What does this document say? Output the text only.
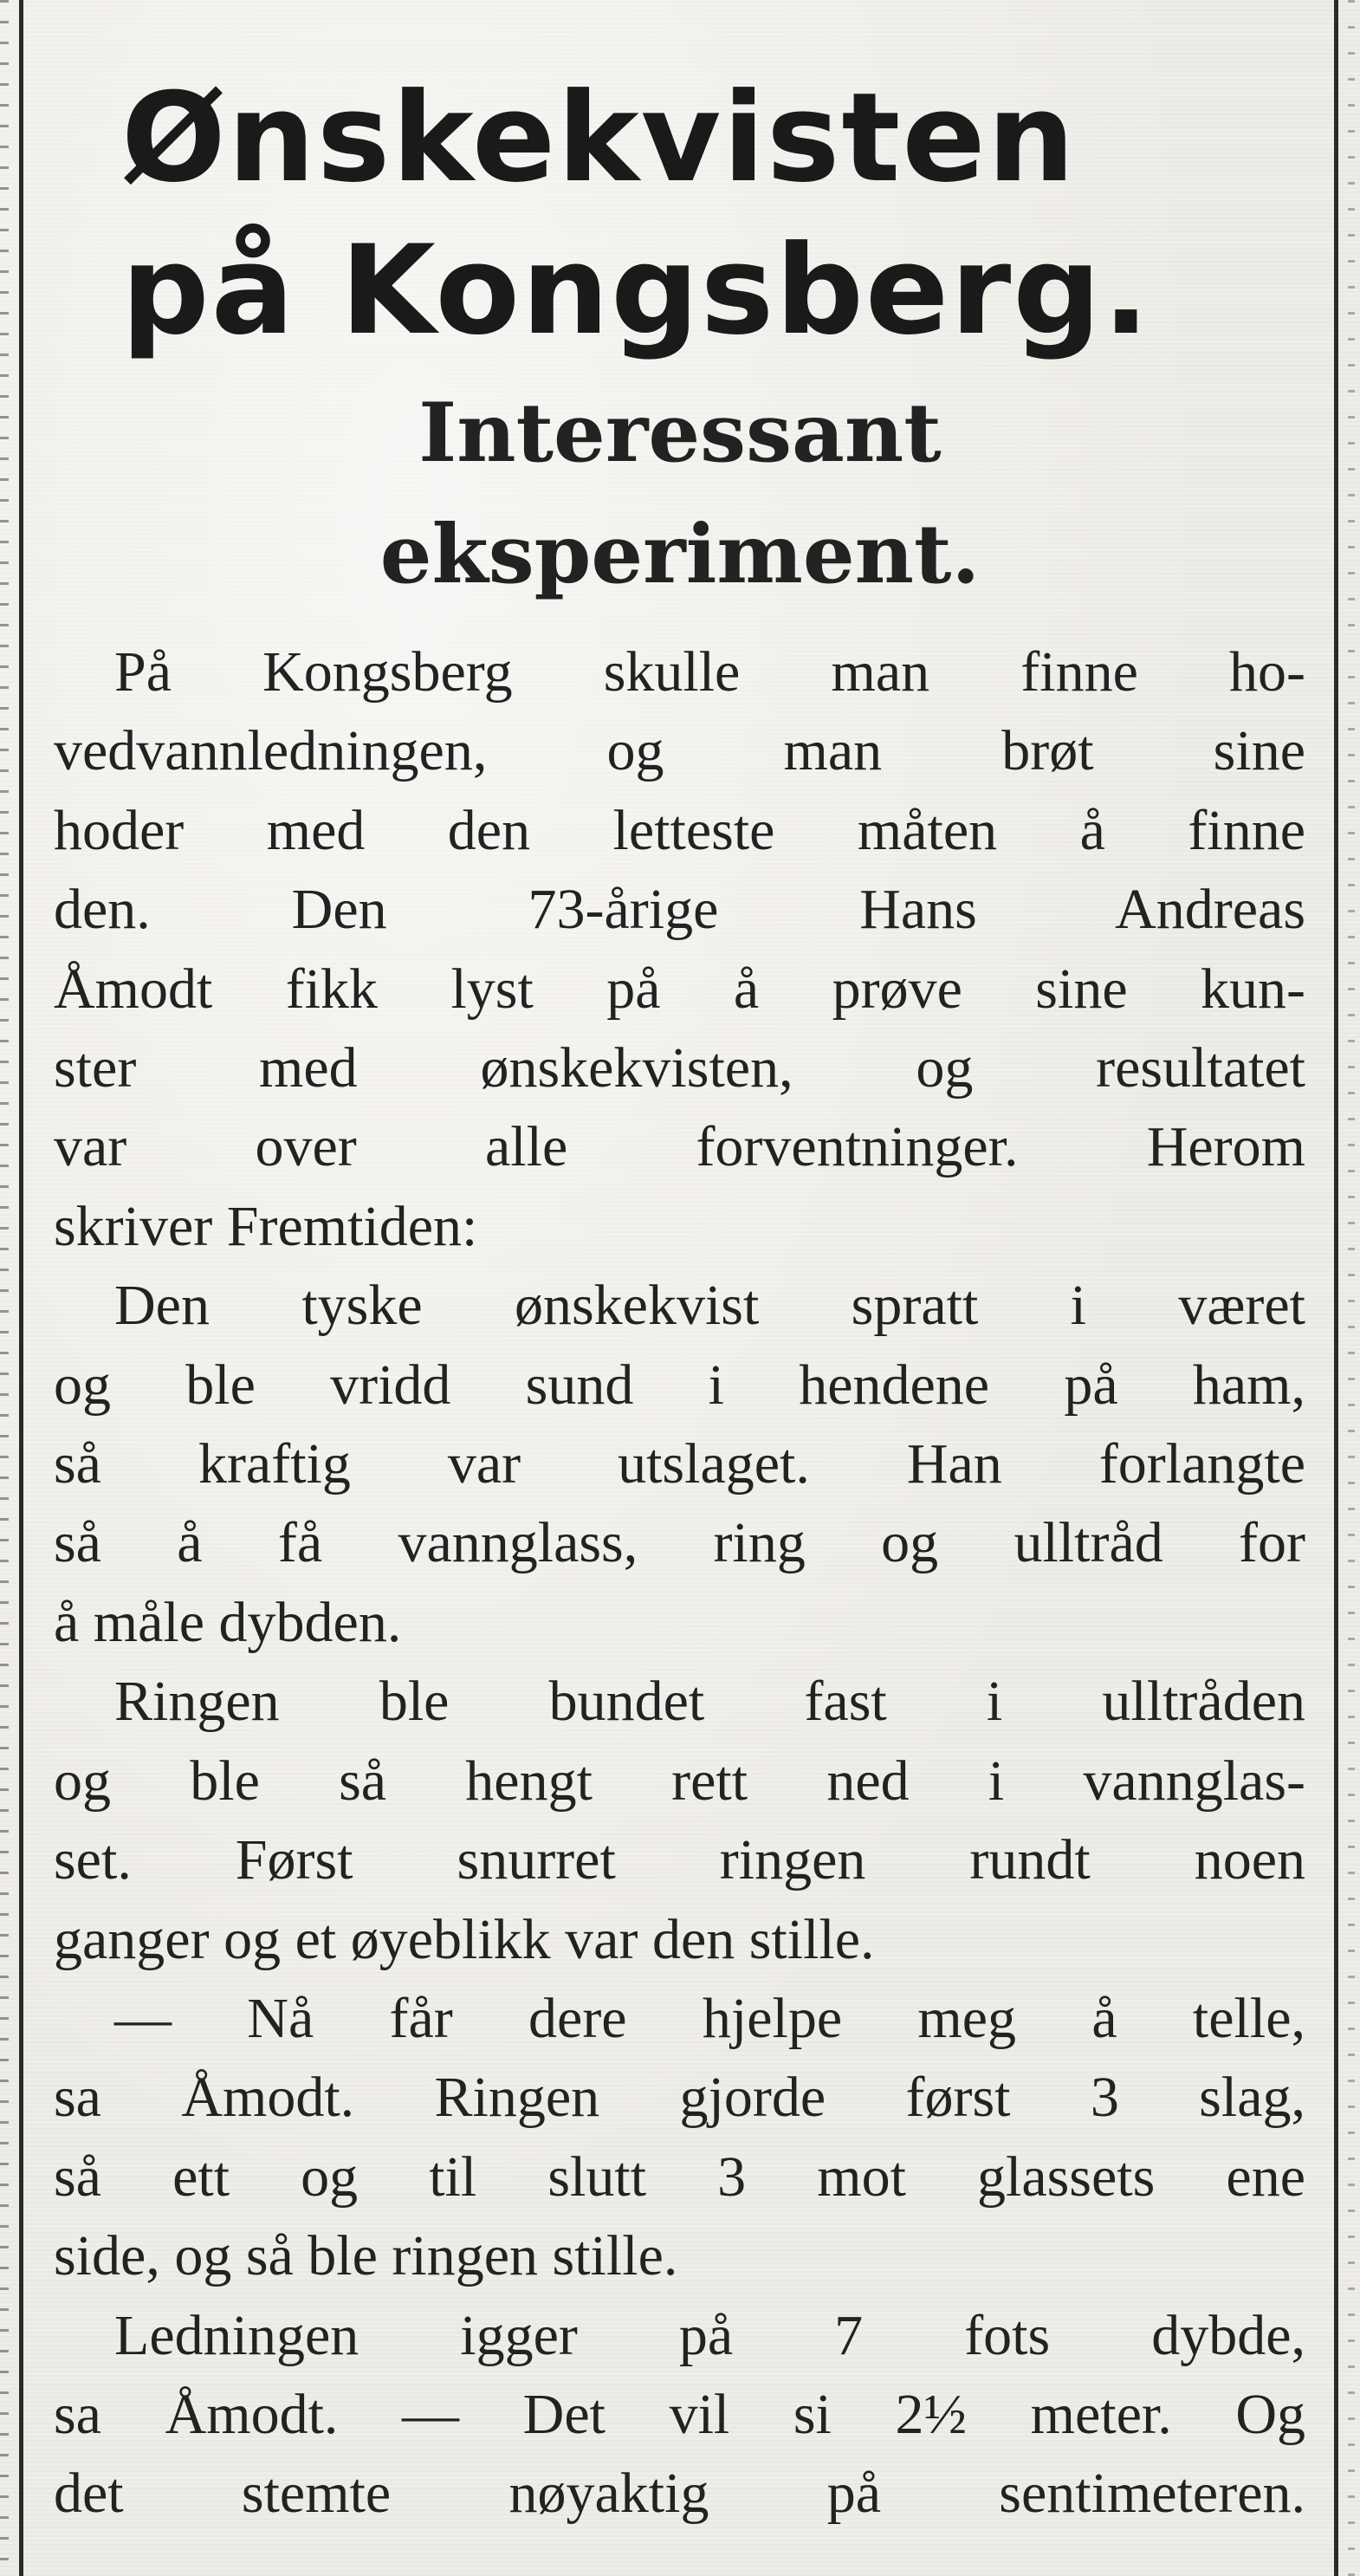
Ønskekvisten
på Kongsberg.
Interessant
eksperiment.

På Kongsberg skulle man finne ho-
vedvannledningen, og man brøt sine
hoder med den letteste måten å finne
den. Den 73-årige Hans Andreas
Åmodt fikk lyst på å prøve sine kun-
ster med ønskekvisten, og resultatet
var over alle forventninger. Herom
skriver Fremtiden:

Den tyske ønskekvist spratt i været
og ble vridd sund i hendene på ham,
så kraftig var utslaget. Han forlangte
så å få vannglass, ring og ulltråd for
å måle dybden.

Ringen ble bundet fast i ulltråden
og ble så hengt rett ned i vannglas-
set. Først snurret ringen rundt noen
ganger og et øyeblikk var den stille.

— Nå får dere hjelpe meg å telle,
sa Åmodt. Ringen gjorde først 3 slag,
så ett og til slutt 3 mot glassets ene
side, og så ble ringen stille.

Ledningen igger på 7 fots dybde,
sa Åmodt. — Det vil si 2½ meter. Og
det stemte nøyaktig på sentimeteren.
